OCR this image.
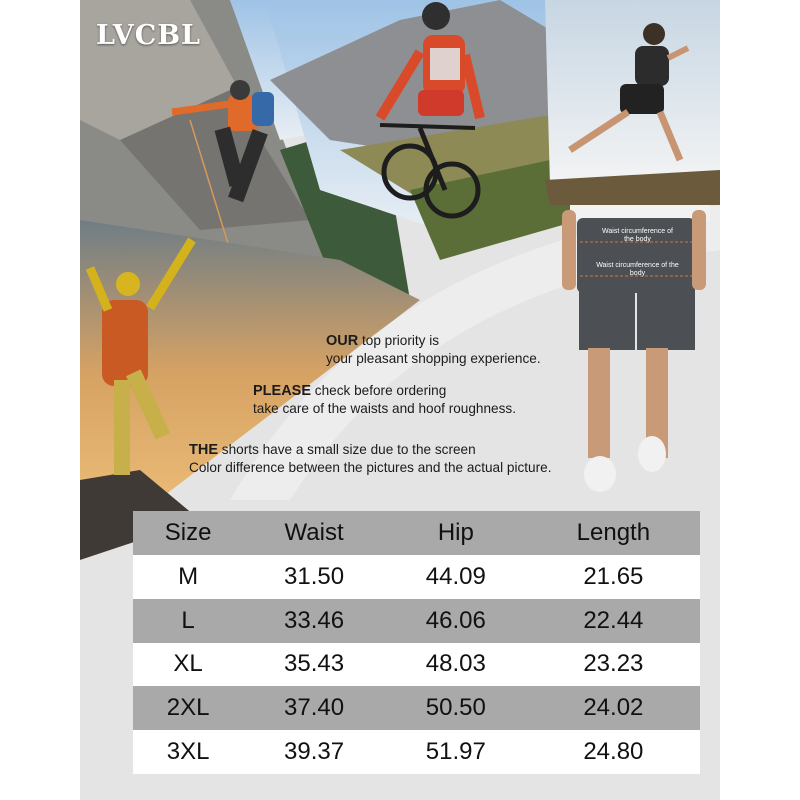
LVCBL
Waist circumference of the body
Waist circumference of the body
OUR top priority is
your pleasant shopping experience.
PLEASE check before ordering
take care of the waists and hoof roughness.
THE shorts have a small size due to the screen
Color difference between the pictures and the actual picture.
Size	Waist	Hip	Length
M	31.50	44.09	21.65
L	33.46	46.06	22.44
XL	35.43	48.03	23.23
2XL	37.40	50.50	24.02
3XL	39.37	51.97	24.80
